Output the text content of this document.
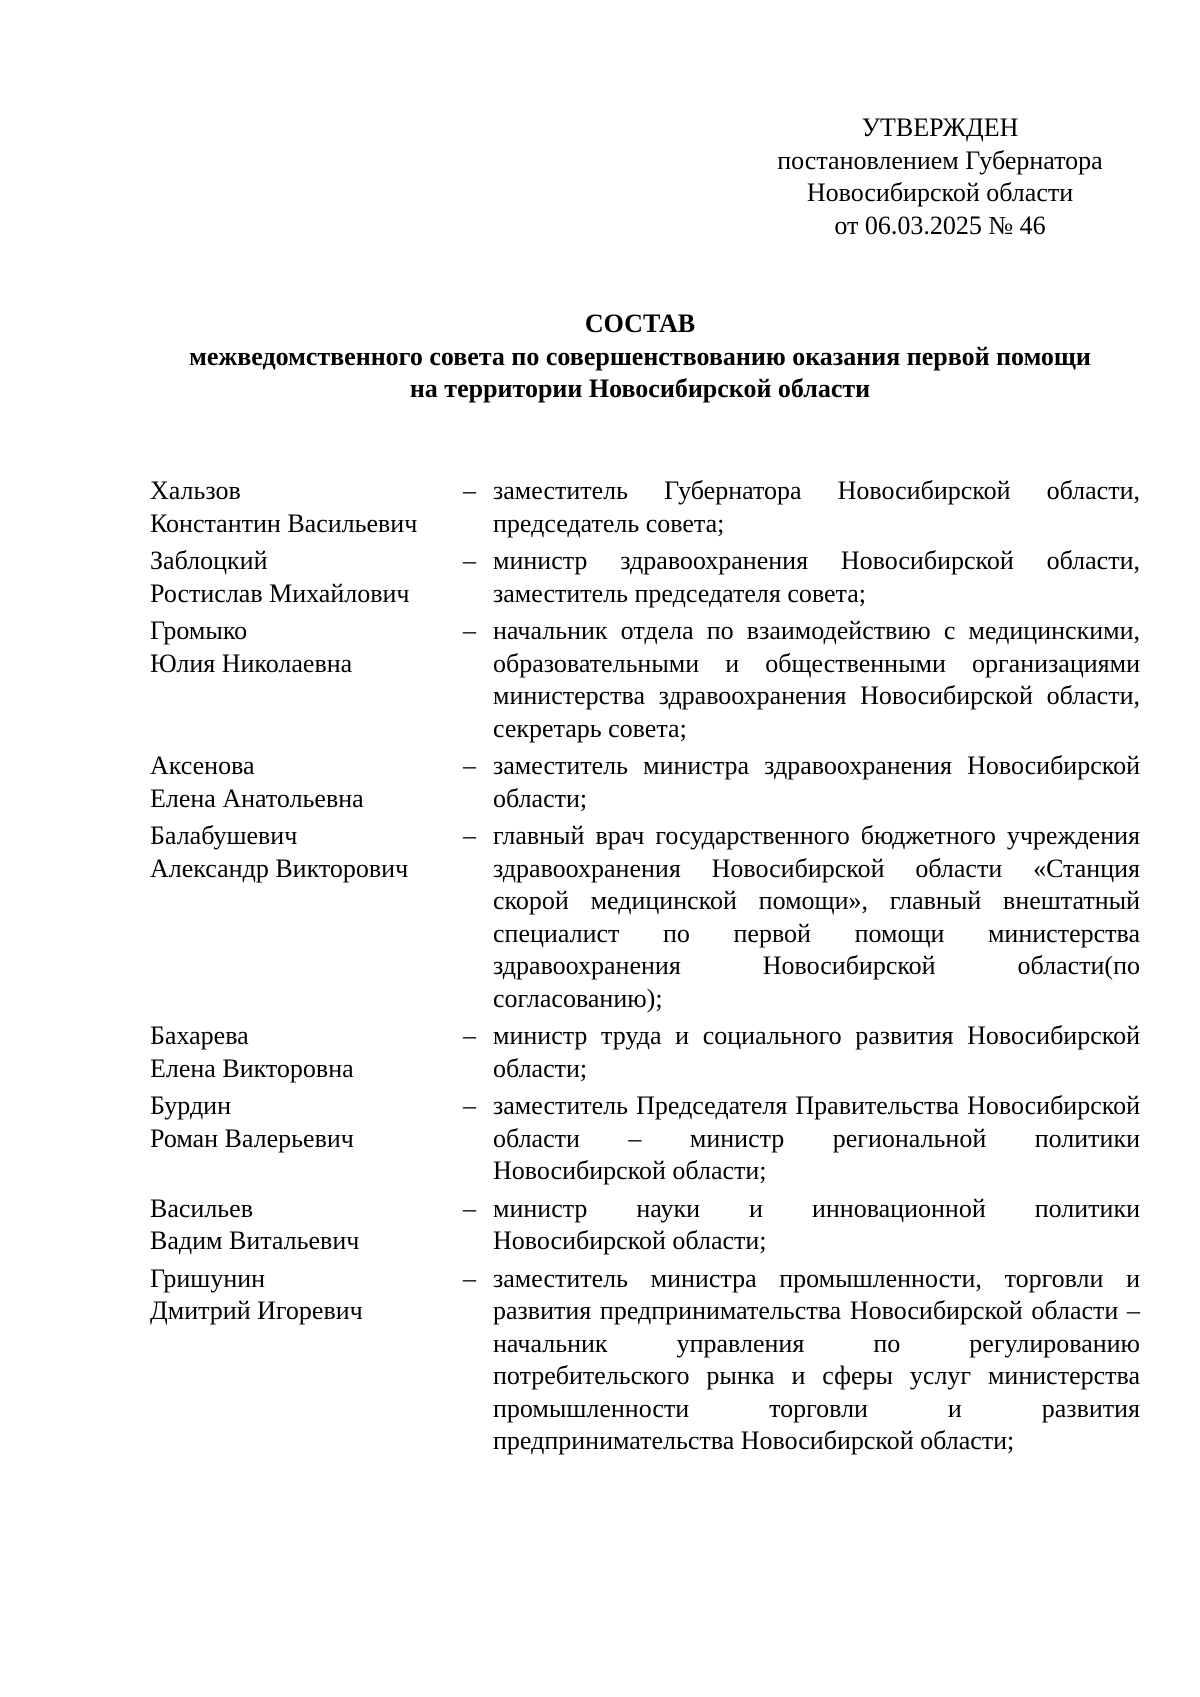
УТВЕРЖДЕН
постановлением Губернатора
Новосибирской области
от 06.03.2025 № 46
СОСТАВ
межведомственного совета по совершенствованию оказания первой помощи
на территории Новосибирской области
Хальзов
Константин Васильевич
– заместитель Губернатора Новосибирской области, председатель совета;
Заблоцкий
Ростислав Михайлович
– министр здравоохранения Новосибирской области, заместитель председателя совета;
Громыко
Юлия Николаевна
– начальник отдела по взаимодействию с медицинскими, образовательными и общественными организациями министерства здравоохранения Новосибирской области, секретарь совета;
Аксенова
Елена Анатольевна
– заместитель министра здравоохранения Новосибирской области;
Балабушевич
Александр Викторович
– главный врач государственного бюджетного учреждения здравоохранения Новосибирской области «Станция скорой медицинской помощи», главный внештатный специалист по первой помощи министерства здравоохранения Новосибирской области(по согласованию);
Бахарева
Елена Викторовна
– министр труда и социального развития Новосибирской области;
Бурдин
Роман Валерьевич
– заместитель Председателя Правительства Новосибирской области – министр региональной политики Новосибирской области;
Васильев
Вадим Витальевич
– министр науки и инновационной политики Новосибирской области;
Гришунин
Дмитрий Игоревич
– заместитель министра промышленности, торговли и развития предпринимательства Новосибирской области – начальник управления по регулированию потребительского рынка и сферы услуг министерства промышленности торговли и развития предпринимательства Новосибирской области;
